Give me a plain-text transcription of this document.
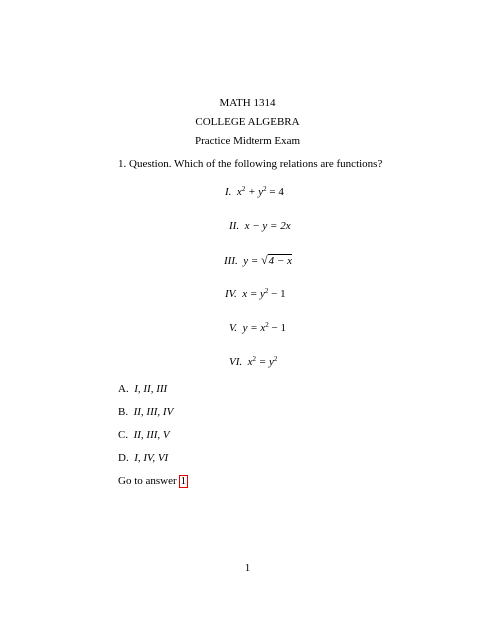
MATH 1314
COLLEGE ALGEBRA
Practice Midterm Exam
1. Question. Which of the following relations are functions?
I. $x^2 + y^2 = 4$
II. x − y = 2x
III. y = √4 − x
IV. $x = y^2 - 1$
V. $y = x^2 - 1$
VI. $x^2 = y^2$
A. I, II, III
B. II, III, IV
C. II, III, V
D. I, IV, VI
Go to answer 1
1
